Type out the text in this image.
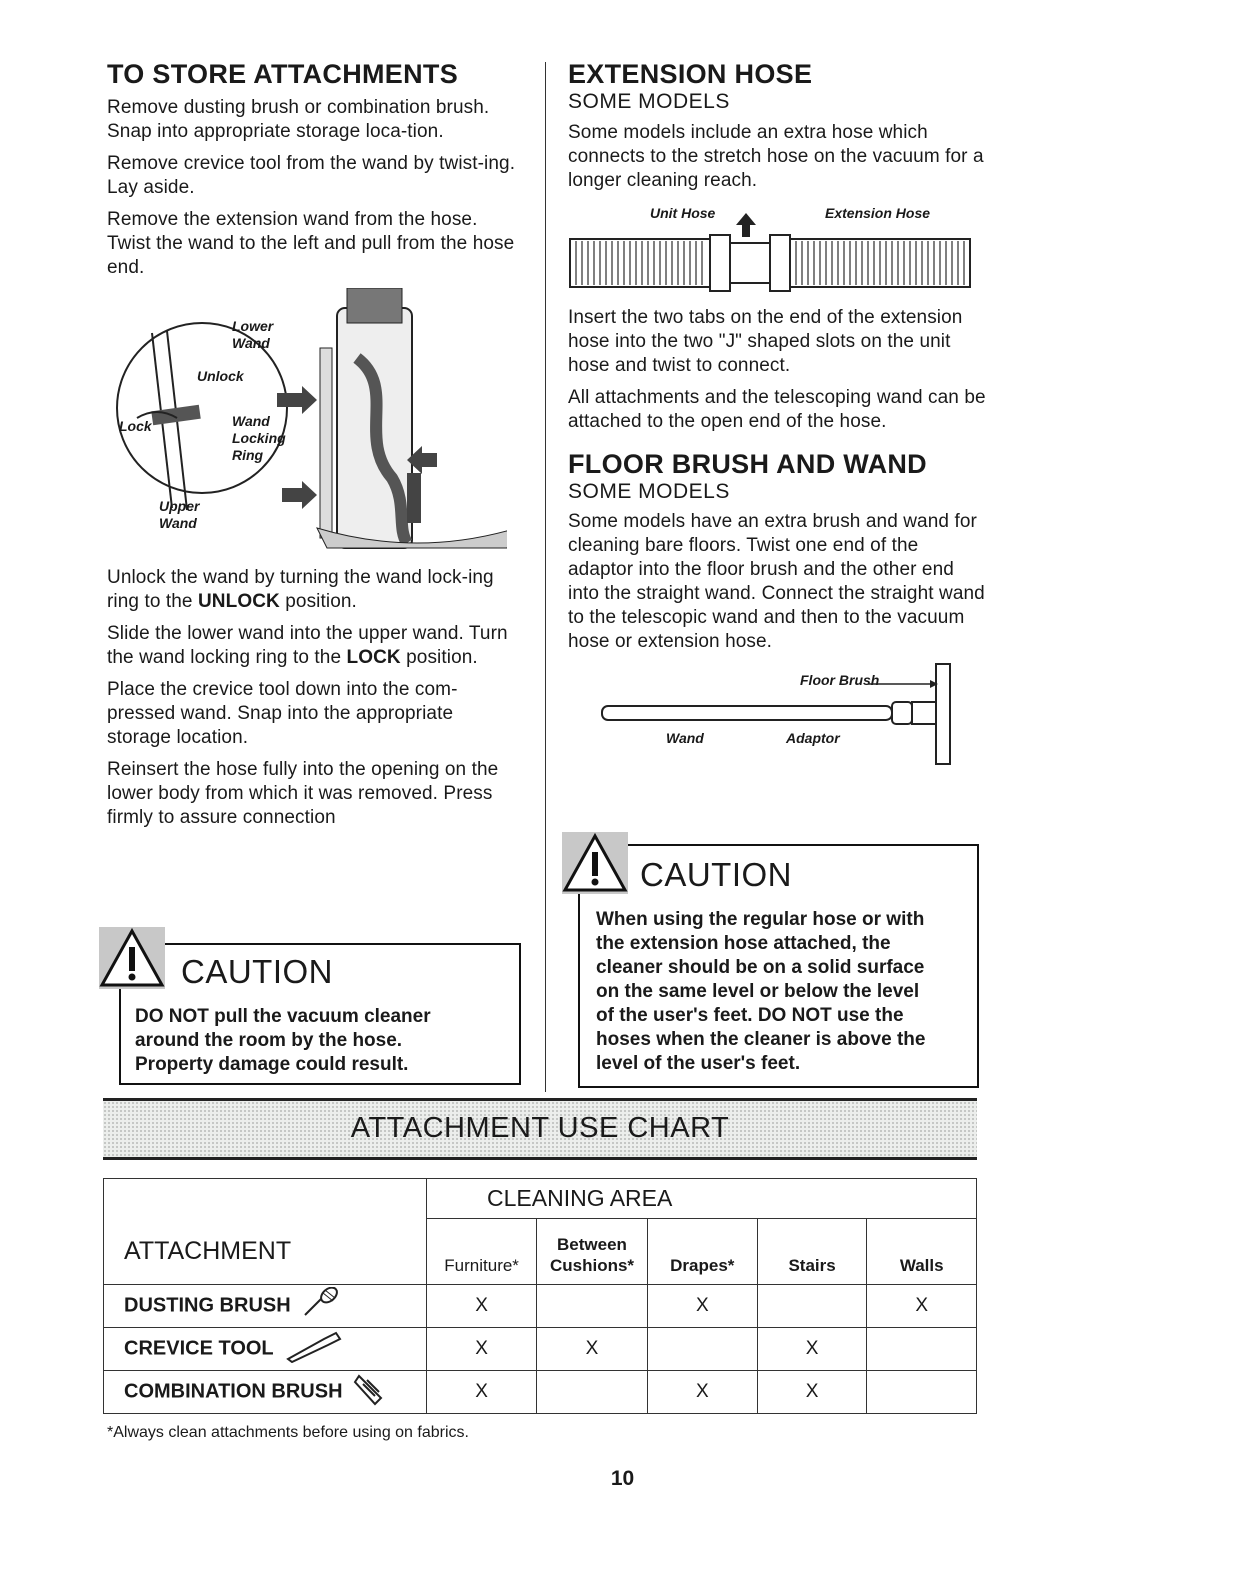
TO STORE ATTACHMENTS

Remove dusting brush or combination brush. Snap into appropriate storage loca-tion.

Remove crevice tool from the wand by twist-ing. Lay aside.

Remove the extension wand from the hose. Twist the wand to the left and pull from the hose end.

Lower Wand
Unlock
Lock	Wand Locking Ring
Upper Wand

Unlock the wand by turning the wand lock-ing ring to the UNLOCK position.

Slide the lower wand into the upper wand. Turn the wand locking ring to the LOCK position.

Place the crevice tool down into the com-pressed wand. Snap into the appropriate storage location.

Reinsert the hose fully into the opening on the lower body from which it was removed. Press firmly to assure connection

CAUTION
DO NOT pull the vacuum cleaner
around the room by the hose.
Property damage could result.
EXTENSION HOSE
SOME MODELS

Some models include an extra hose which connects to the stretch hose on the vacuum for a longer cleaning reach.

Unit Hose	Extension Hose

Insert the two tabs on the end of the extension hose into the two "J" shaped slots on the unit hose and twist to connect.

All attachments and the telescoping wand can be attached to the open end of the hose.

FLOOR BRUSH AND WAND
SOME MODELS

Some models have an extra brush and wand for cleaning bare floors. Twist one end of the adaptor into the floor brush and the other end into the straight wand. Connect the straight wand to the telescopic wand and then to the vacuum hose or extension hose.

Floor Brush
Wand	Adaptor
CAUTION
When using the regular hose or with
the extension hose attached, the
cleaner should be on a solid surface
on the same level or below the level
of the user's feet. DO NOT use the
hoses when the cleaner is above the
level of the user's feet.
ATTACHMENT USE CHART
	CLEANING AREA				
ATTACHMENT	Furniture*	Between Cushions*	Drapes*	Stairs	Walls
DUSTING BRUSH	X		X		X
CREVICE TOOL	X	X		X	
COMBINATION BRUSH	X		X	X	
*Always clean attachments before using on fabrics.
10
